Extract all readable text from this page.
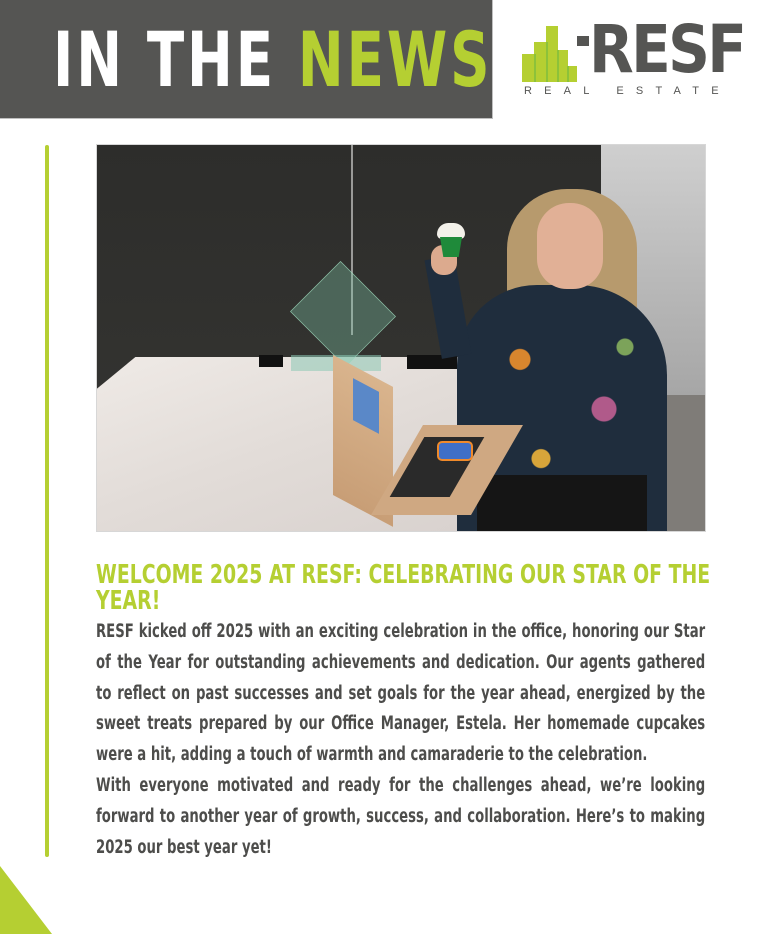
IN THE NEWS RESF
REAL ESTATE
WELCOME 2025 AT RESF: CELEBRATING OUR STAR OF THE YEAR!

RESF kicked off 2025 with an exciting celebration in the office, honoring our Star of the Year for outstanding achievements and dedication. Our agents gathered to reflect on past successes and set goals for the year ahead, energized by the sweet treats prepared by our Office Manager, Estela. Her homemade cupcakes were a hit, adding a touch of warmth and camaraderie to the celebration.

With everyone motivated and ready for the challenges ahead, we’re looking forward to another year of growth, success, and collaboration. Here’s to making 2025 our best year yet!
